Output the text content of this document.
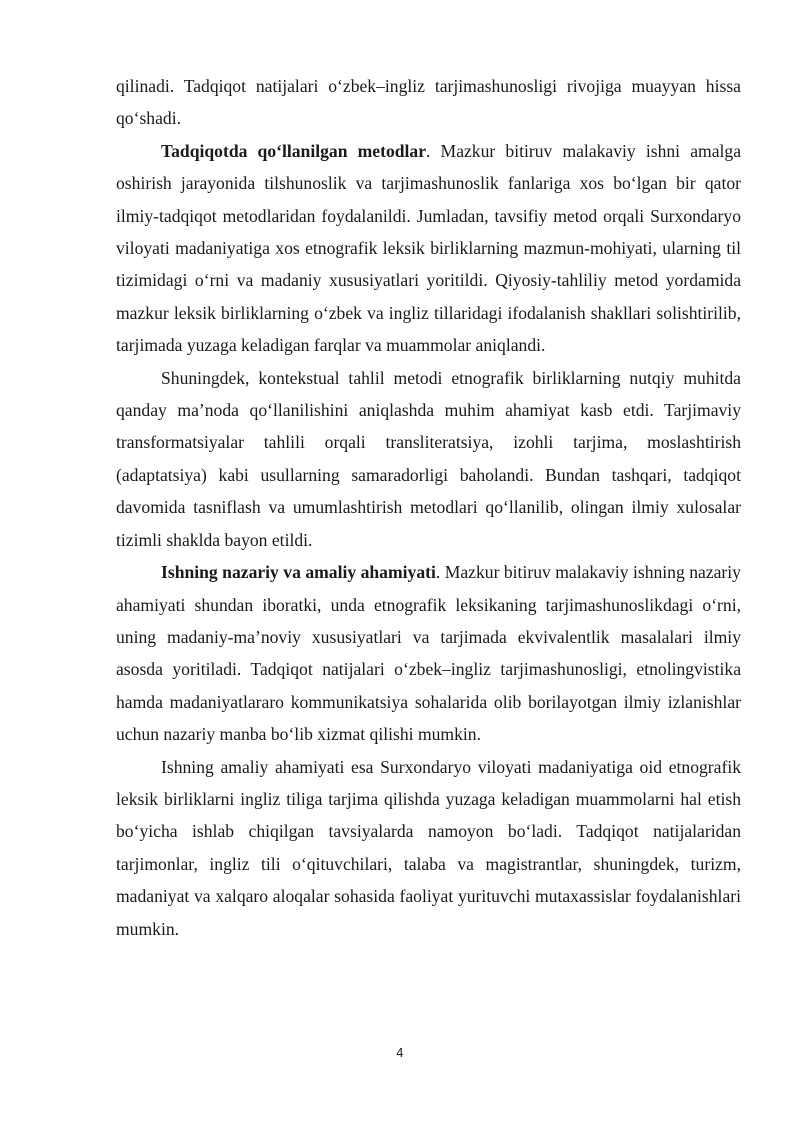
qilinadi. Tadqiqot natijalari o‘zbek–ingliz tarjimashunosligi rivojiga muayyan hissa qo‘shadi.

Tadqiqotda qo‘llanilgan metodlar. Mazkur bitiruv malakaviy ishni amalga oshirish jarayonida tilshunoslik va tarjimashunoslik fanlariga xos bo‘lgan bir qator ilmiy-tadqiqot metodlaridan foydalanildi. Jumladan, tavsifiy metod orqali Surxondaryo viloyati madaniyatiga xos etnografik leksik birliklarning mazmun-mohiyati, ularning til tizimidagi o‘rni va madaniy xususiyatlari yoritildi. Qiyosiy-tahliliy metod yordamida mazkur leksik birliklarning o‘zbek va ingliz tillaridagi ifodalanish shakllari solishtirilib, tarjimada yuzaga keladigan farqlar va muammolar aniqlandi.

Shuningdek, kontekstual tahlil metodi etnografik birliklarning nutqiy muhitda qanday ma’noda qo‘llanilishini aniqlashda muhim ahamiyat kasb etdi. Tarjimaviy transformatsiyalar tahlili orqali transliteratsiya, izohli tarjima, moslashtirish (adaptatsiya) kabi usullarning samaradorligi baholandi. Bundan tashqari, tadqiqot davomida tasniflash va umumlashtirish metodlari qo‘llanilib, olingan ilmiy xulosalar tizimli shaklda bayon etildi.

Ishning nazariy va amaliy ahamiyati. Mazkur bitiruv malakaviy ishning nazariy ahamiyati shundan iboratki, unda etnografik leksikaning tarjimashunoslikdagi o‘rni, uning madaniy-ma’noviy xususiyatlari va tarjimada ekvivalentlik masalalari ilmiy asosda yoritiladi. Tadqiqot natijalari o‘zbek–ingliz tarjimashunosligi, etnolingvistika hamda madaniyatlararo kommunikatsiya sohalarida olib borilayotgan ilmiy izlanishlar uchun nazariy manba bo‘lib xizmat qilishi mumkin.

Ishning amaliy ahamiyati esa Surxondaryo viloyati madaniyatiga oid etnografik leksik birliklarni ingliz tiliga tarjima qilishda yuzaga keladigan muammolarni hal etish bo‘yicha ishlab chiqilgan tavsiyalarda namoyon bo‘ladi. Tadqiqot natijalaridan tarjimonlar, ingliz tili o‘qituvchilari, talaba va magistrantlar, shuningdek, turizm, madaniyat va xalqaro aloqalar sohasida faoliyat yurituvchi mutaxassislar foydalanishlari mumkin.

4
